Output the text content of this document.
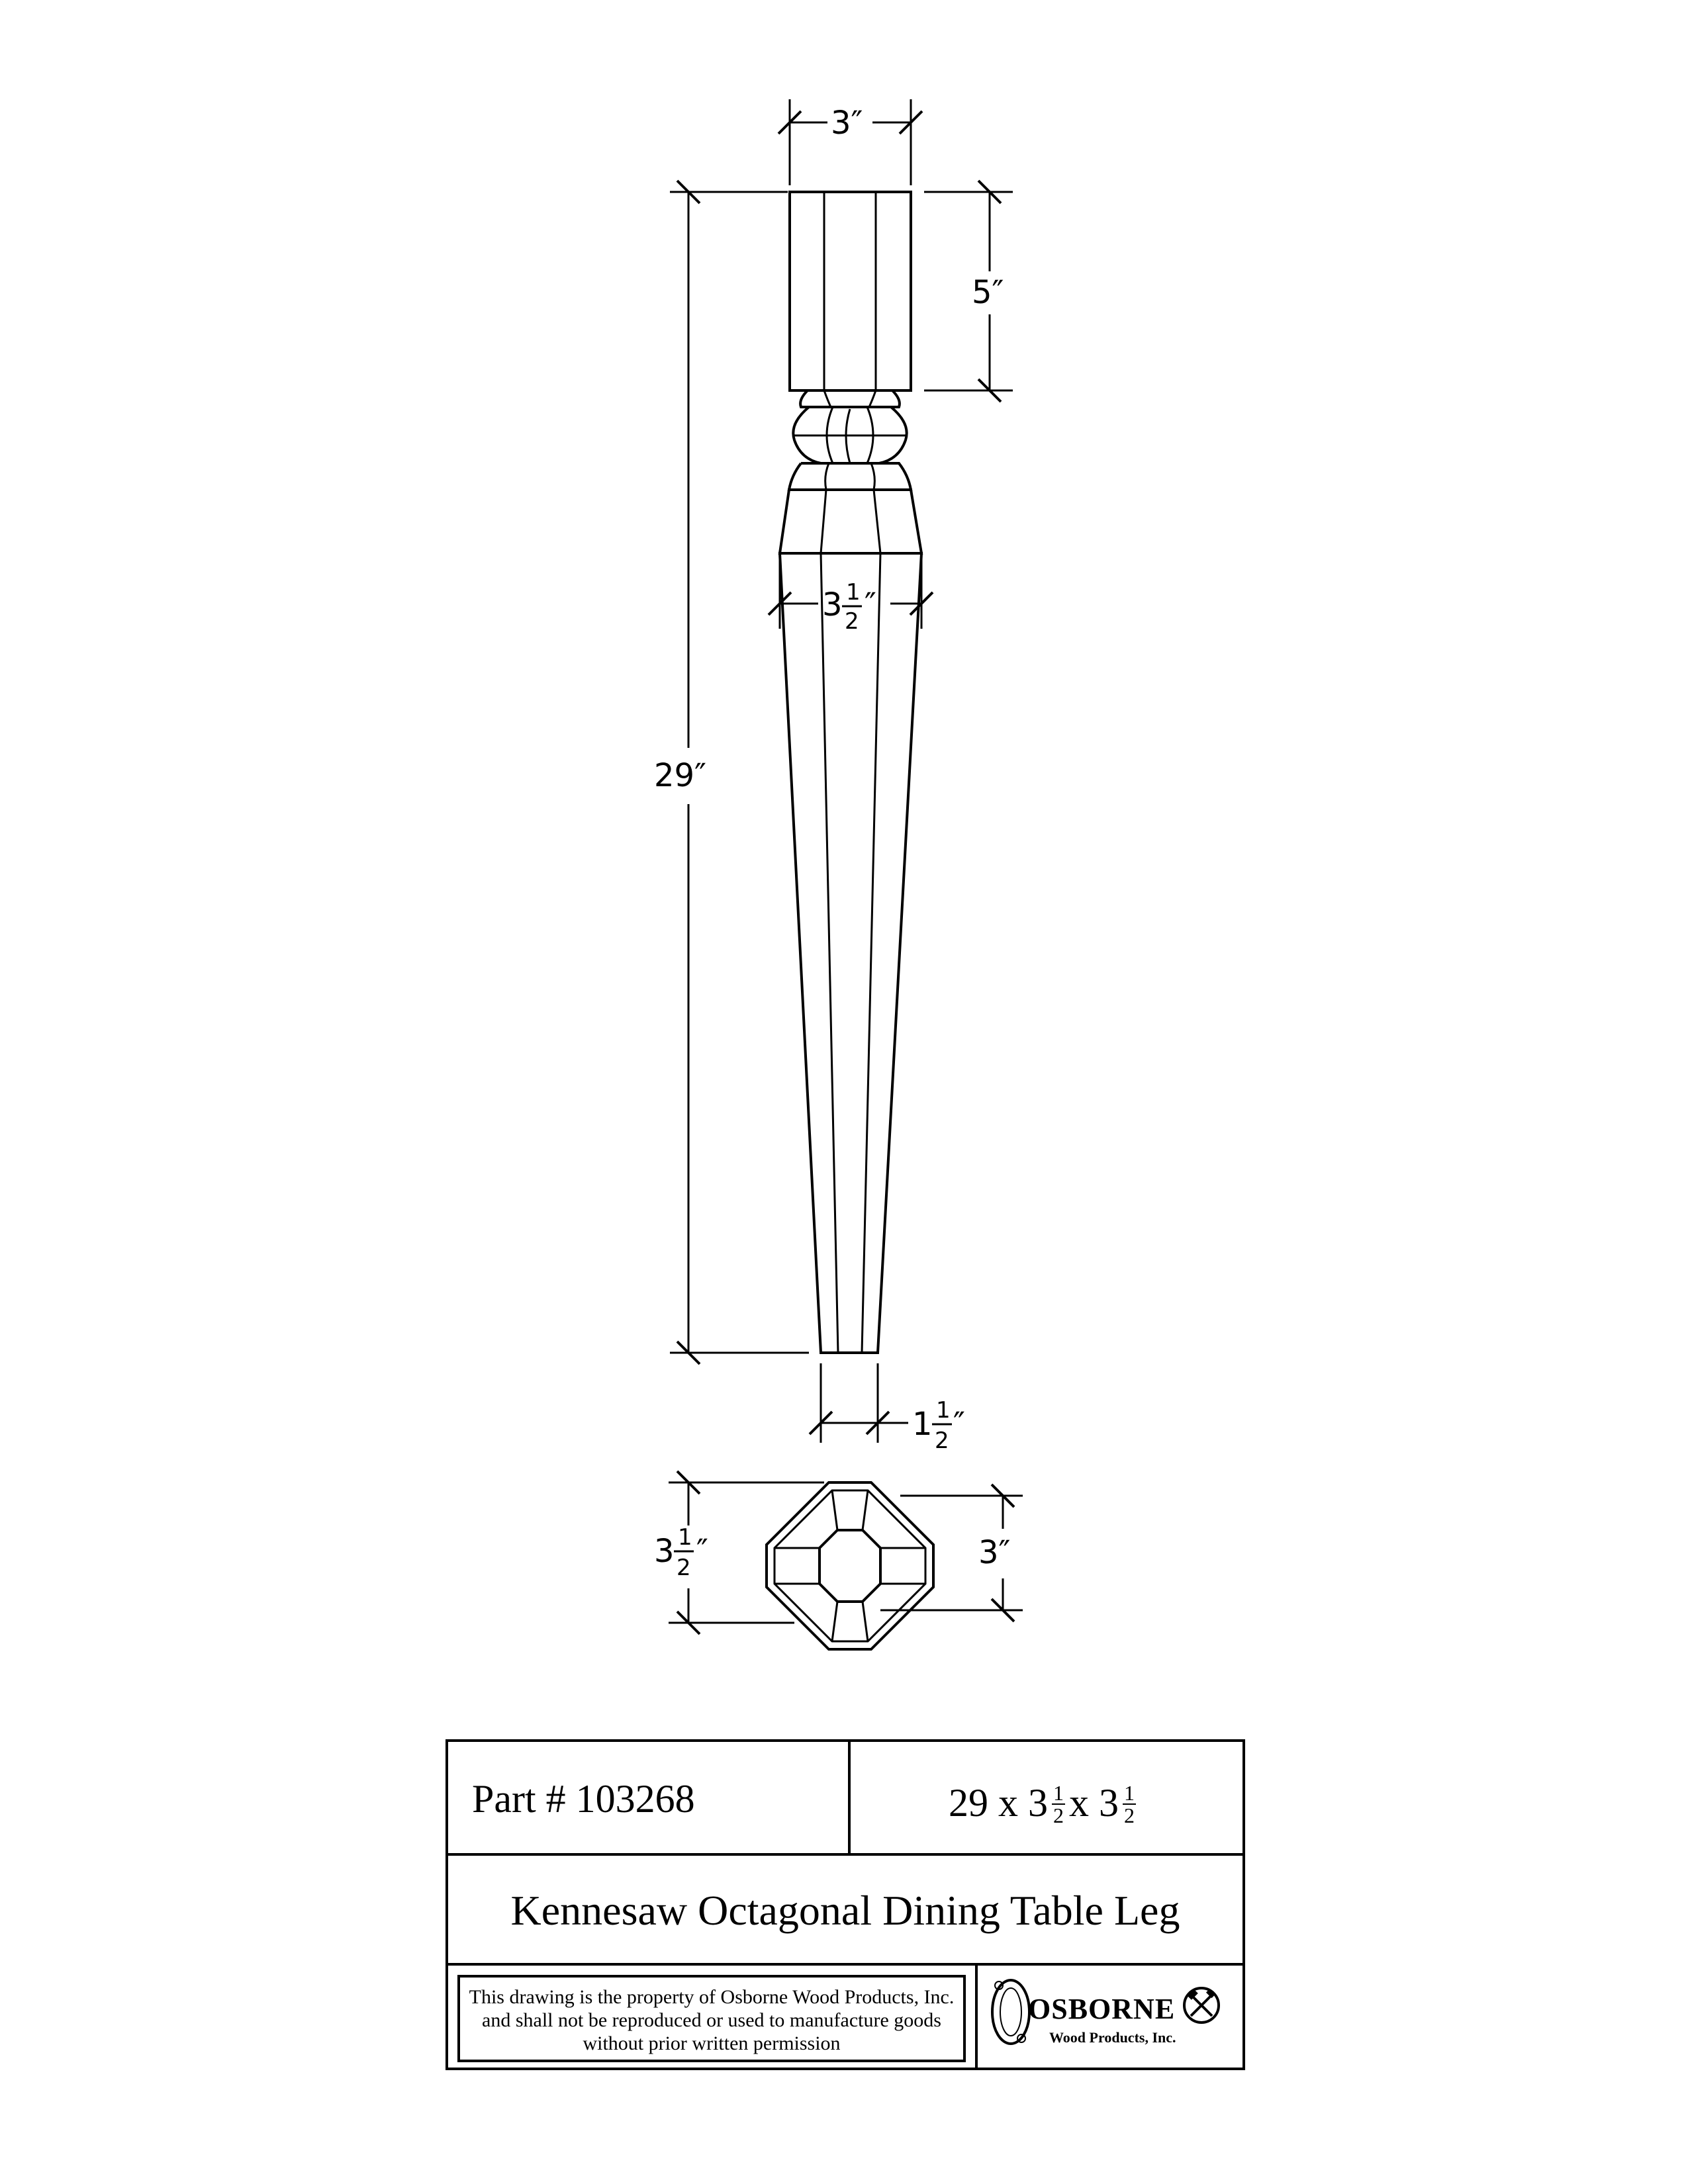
3″
5″
29″
3 1
2 ″
1 1
2 ″
3 1
2 ″	3″
Part # 103268	29 x $3 \frac{1}{2}$ x $3 \frac{1}{2}$
Kennesaw Octagonal Dining Table Leg
This drawing is the property of Osborne Wood Products, Inc. and shall not be reproduced or used to manufacture goods without prior written permission
OSBORNE
Wood Products, Inc.
